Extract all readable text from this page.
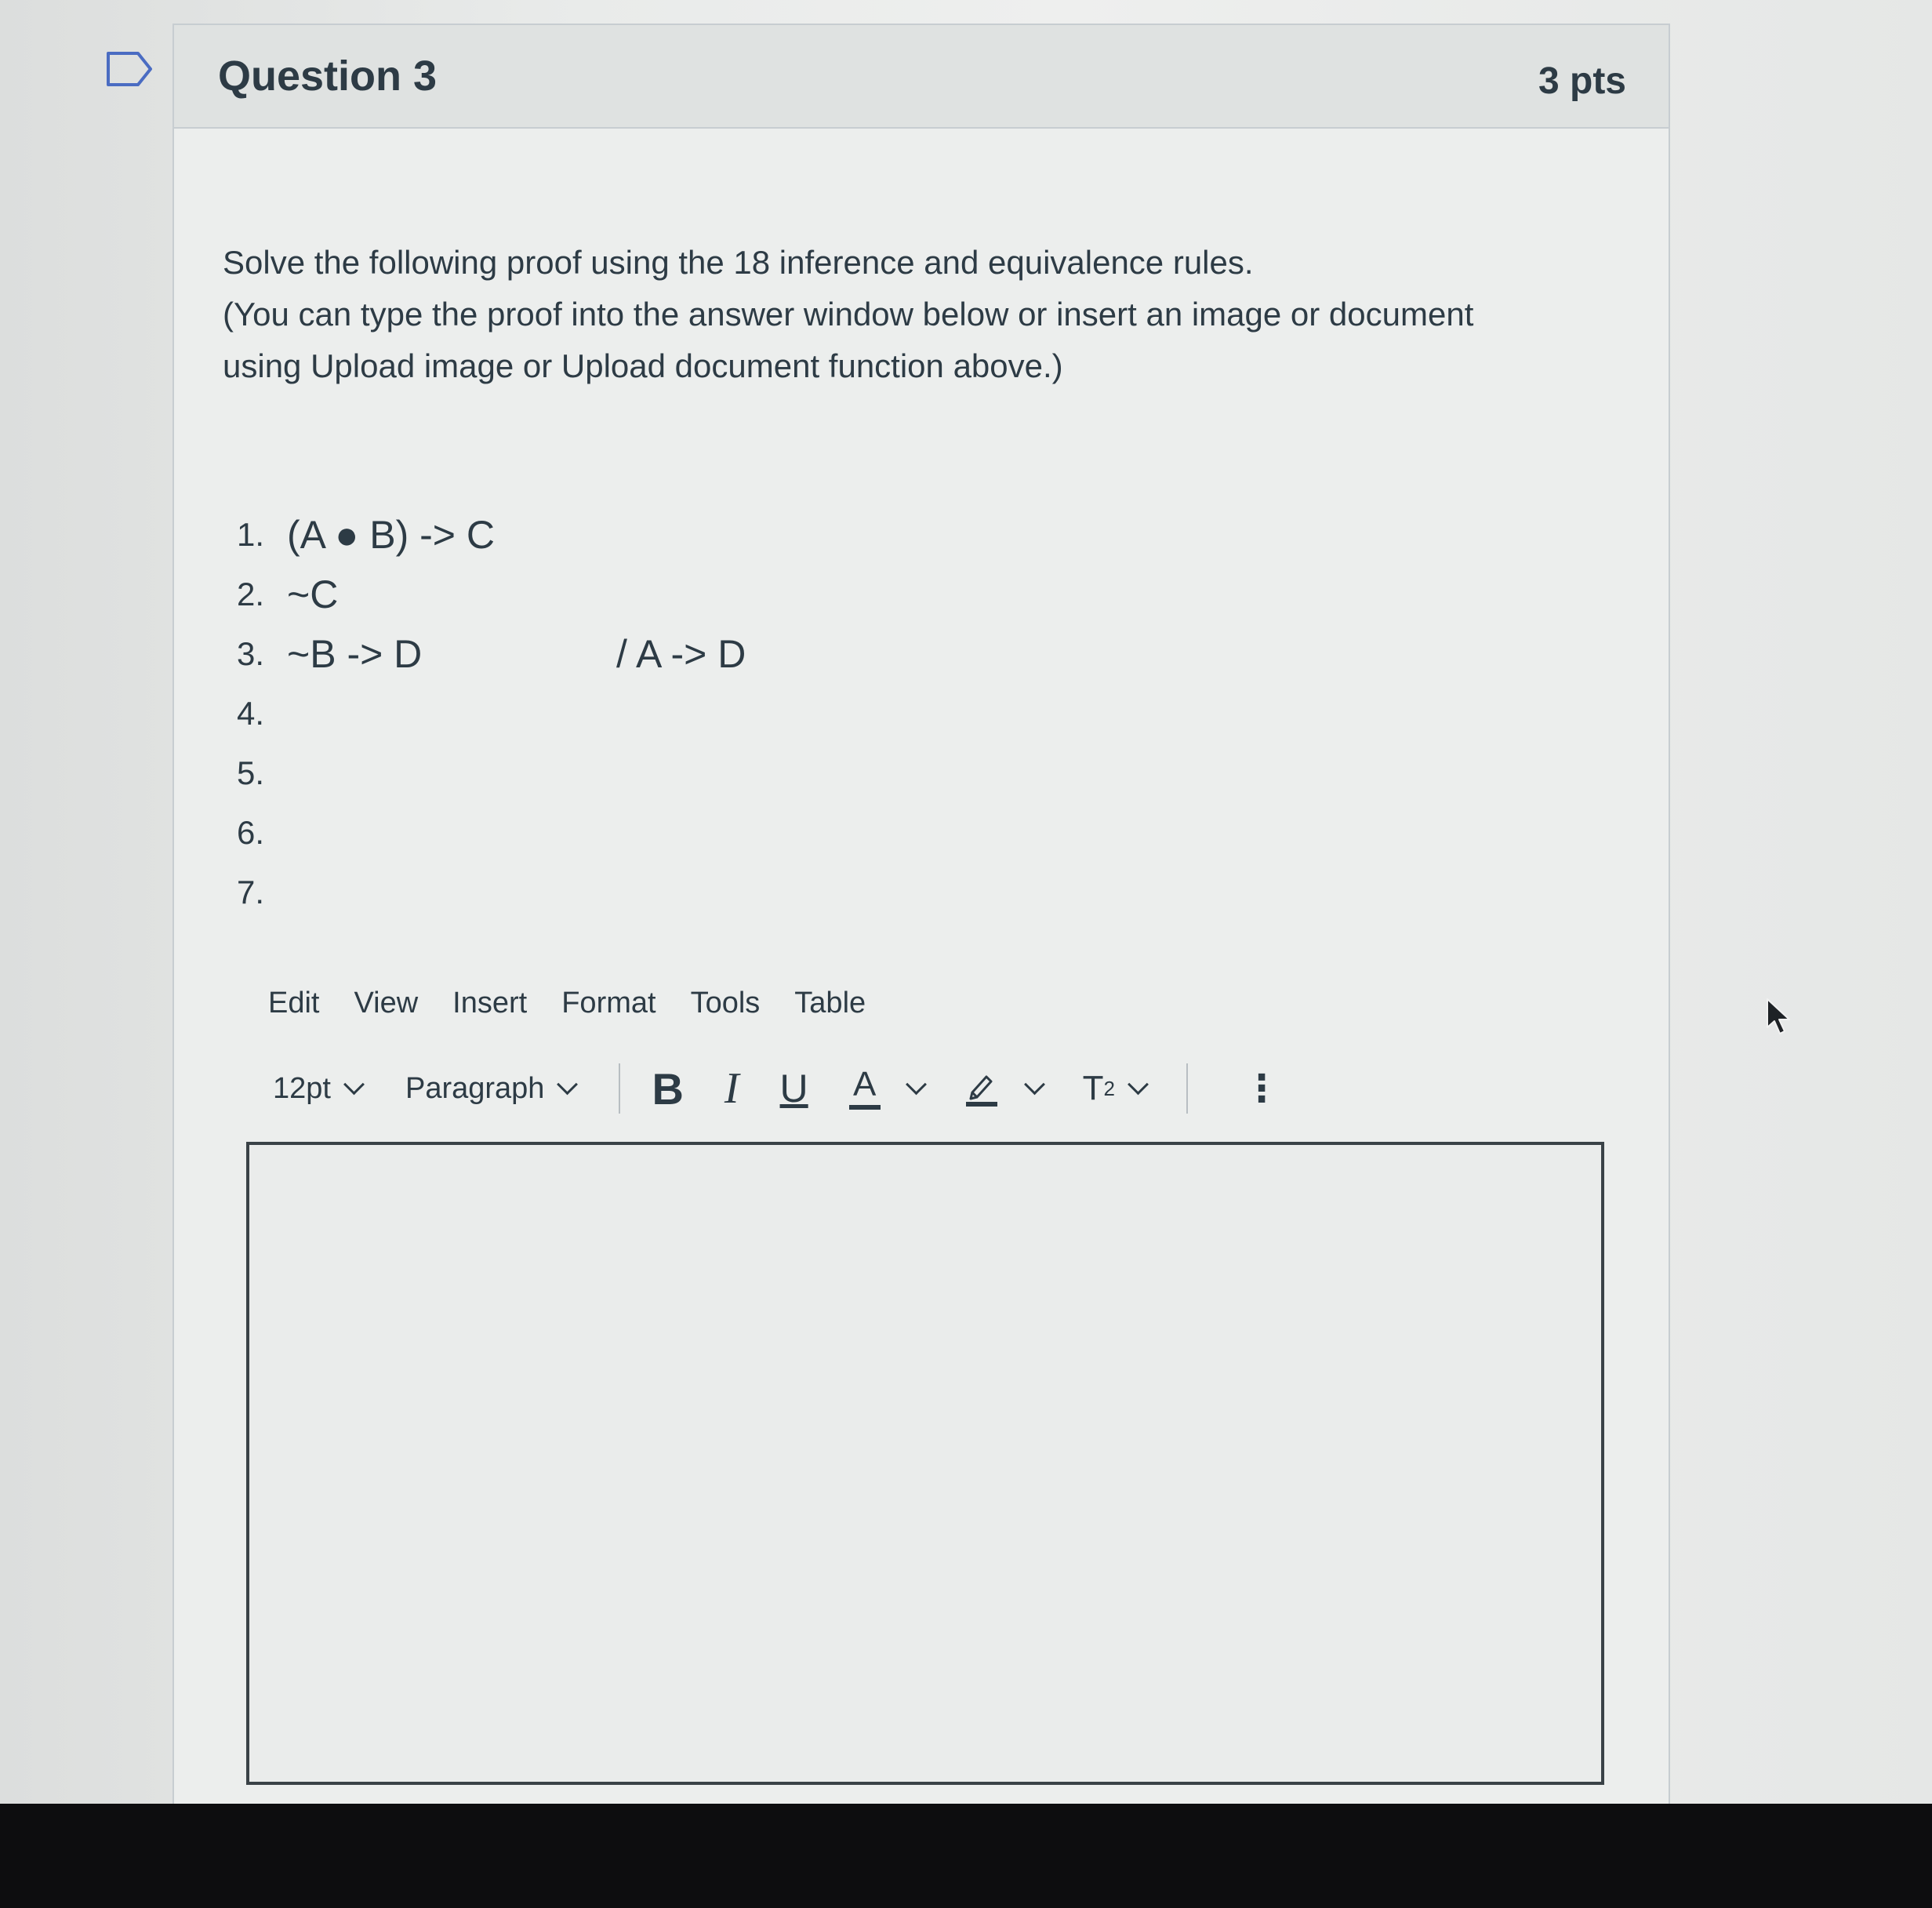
Question 3	3 pts

Solve the following proof using the 18 inference and equivalence rules.

(You can type the proof into the answer window below or insert an image or document

using Upload image or Upload document function above.)

1. (A ● B) -> C
2. ~C
3. ~B -> D	/ A -> D
4.
5.
6.
7.
Edit View Insert Format Tools Table
12pt	Paragraph B I U A	T 2	⋮
